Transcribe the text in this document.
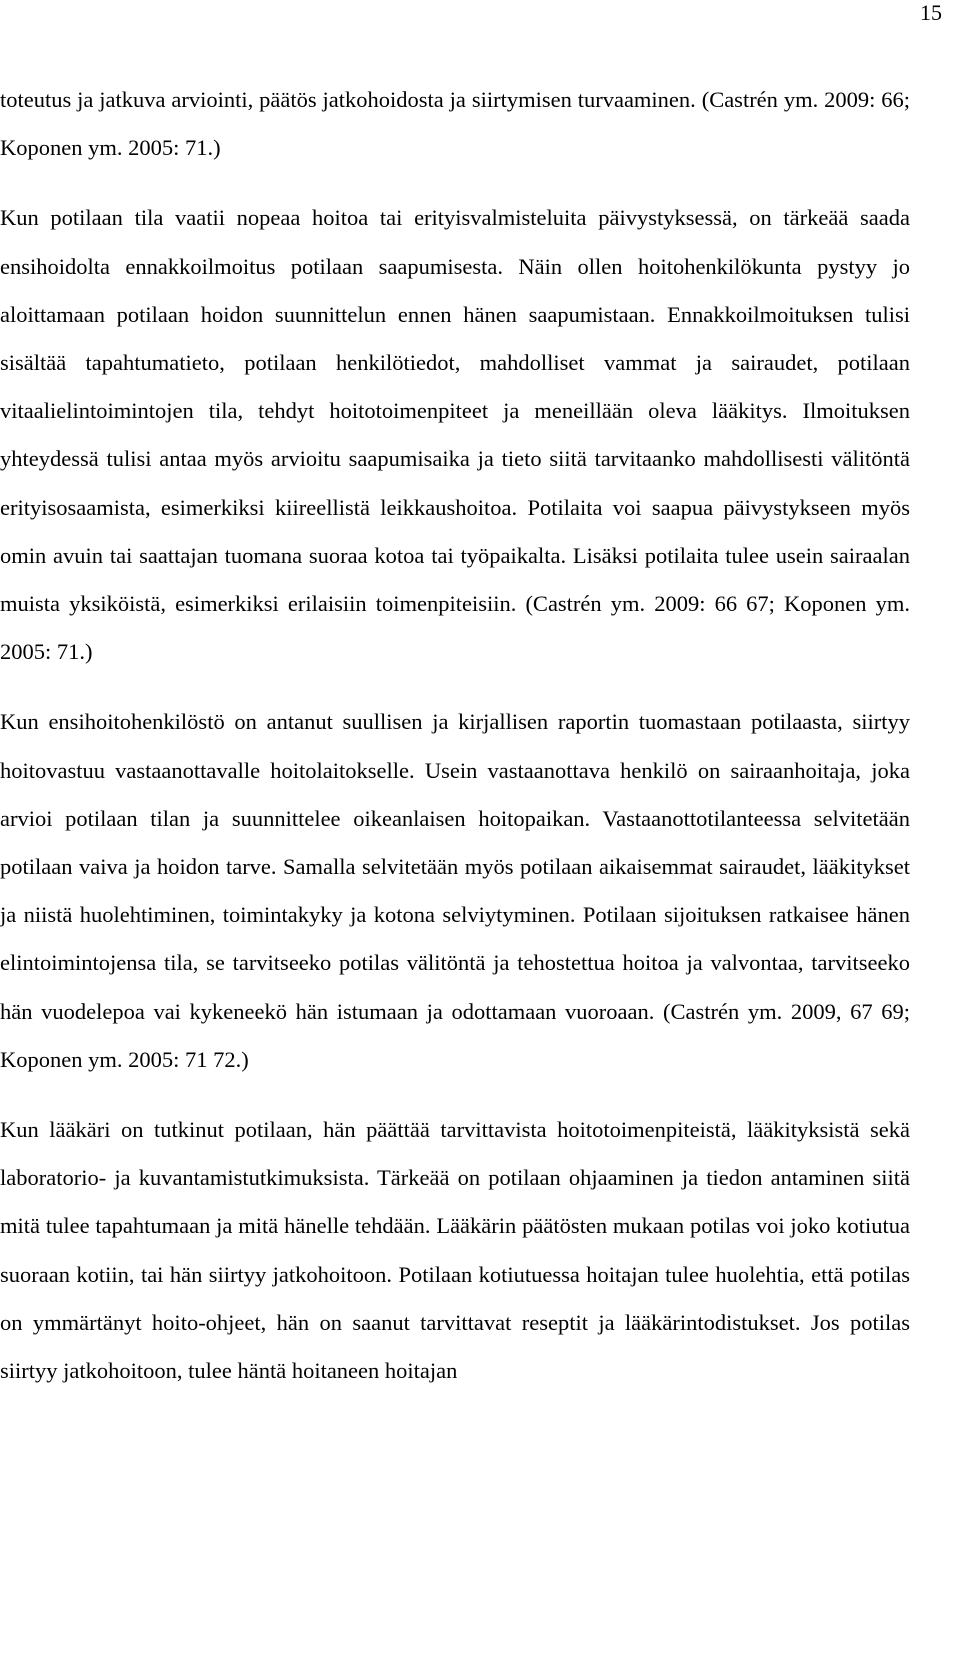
15

toteutus ja jatkuva arviointi, päätös jatkohoidosta ja siirtymisen turvaaminen. (Castrén ym. 2009: 66; Koponen ym. 2005: 71.)

Kun potilaan tila vaatii nopeaa hoitoa tai erityisvalmisteluita päivystyksessä, on tärkeää saada ensihoidolta ennakkoilmoitus potilaan saapumisesta. Näin ollen hoitohenkilökunta pystyy jo aloittamaan potilaan hoidon suunnittelun ennen hänen saapumistaan. Ennakkoilmoituksen tulisi sisältää tapahtumatieto, potilaan henkilötiedot, mahdolliset vammat ja sairaudet, potilaan vitaalielintoimintojen tila, tehdyt hoitotoimenpiteet ja meneillään oleva lääkitys. Ilmoituksen yhteydessä tulisi antaa myös arvioitu saapumisaika ja tieto siitä tarvitaanko mahdollisesti välitöntä erityisosaamista, esimerkiksi kiireellistä leikkaushoitoa. Potilaita voi saapua päivystykseen myös omin avuin tai saattajan tuomana suoraa kotoa tai työpaikalta. Lisäksi potilaita tulee usein sairaalan muista yksiköistä, esimerkiksi erilaisiin toimenpiteisiin. (Castrén ym. 2009: 66 67; Koponen ym. 2005: 71.)

Kun ensihoitohenkilöstö on antanut suullisen ja kirjallisen raportin tuomastaan potilaasta, siirtyy hoitovastuu vastaanottavalle hoitolaitokselle. Usein vastaanottava henkilö on sairaanhoitaja, joka arvioi potilaan tilan ja suunnittelee oikeanlaisen hoitopaikan. Vastaanottotilanteessa selvitetään potilaan vaiva ja hoidon tarve. Samalla selvitetään myös potilaan aikaisemmat sairaudet, lääkitykset ja niistä huolehtiminen, toimintakyky ja kotona selviytyminen. Potilaan sijoituksen ratkaisee hänen elintoimintojensa tila, se tarvitseeko potilas välitöntä ja tehostettua hoitoa ja valvontaa, tarvitseeko hän vuodelepoa vai kykeneekö hän istumaan ja odottamaan vuoroaan. (Castrén ym. 2009, 67 69; Koponen ym. 2005: 71 72.)

Kun lääkäri on tutkinut potilaan, hän päättää tarvittavista hoitotoimenpiteistä, lääkityksistä sekä laboratorio- ja kuvantamistutkimuksista. Tärkeää on potilaan ohjaaminen ja tiedon antaminen siitä mitä tulee tapahtumaan ja mitä hänelle tehdään. Lääkärin päätösten mukaan potilas voi joko kotiutua suoraan kotiin, tai hän siirtyy jatkohoitoon. Potilaan kotiutuessa hoitajan tulee huolehtia, että potilas on ymmärtänyt hoito-ohjeet, hän on saanut tarvittavat reseptit ja lääkärintodistukset. Jos potilas siirtyy jatkohoitoon, tulee häntä hoitaneen hoitajan
